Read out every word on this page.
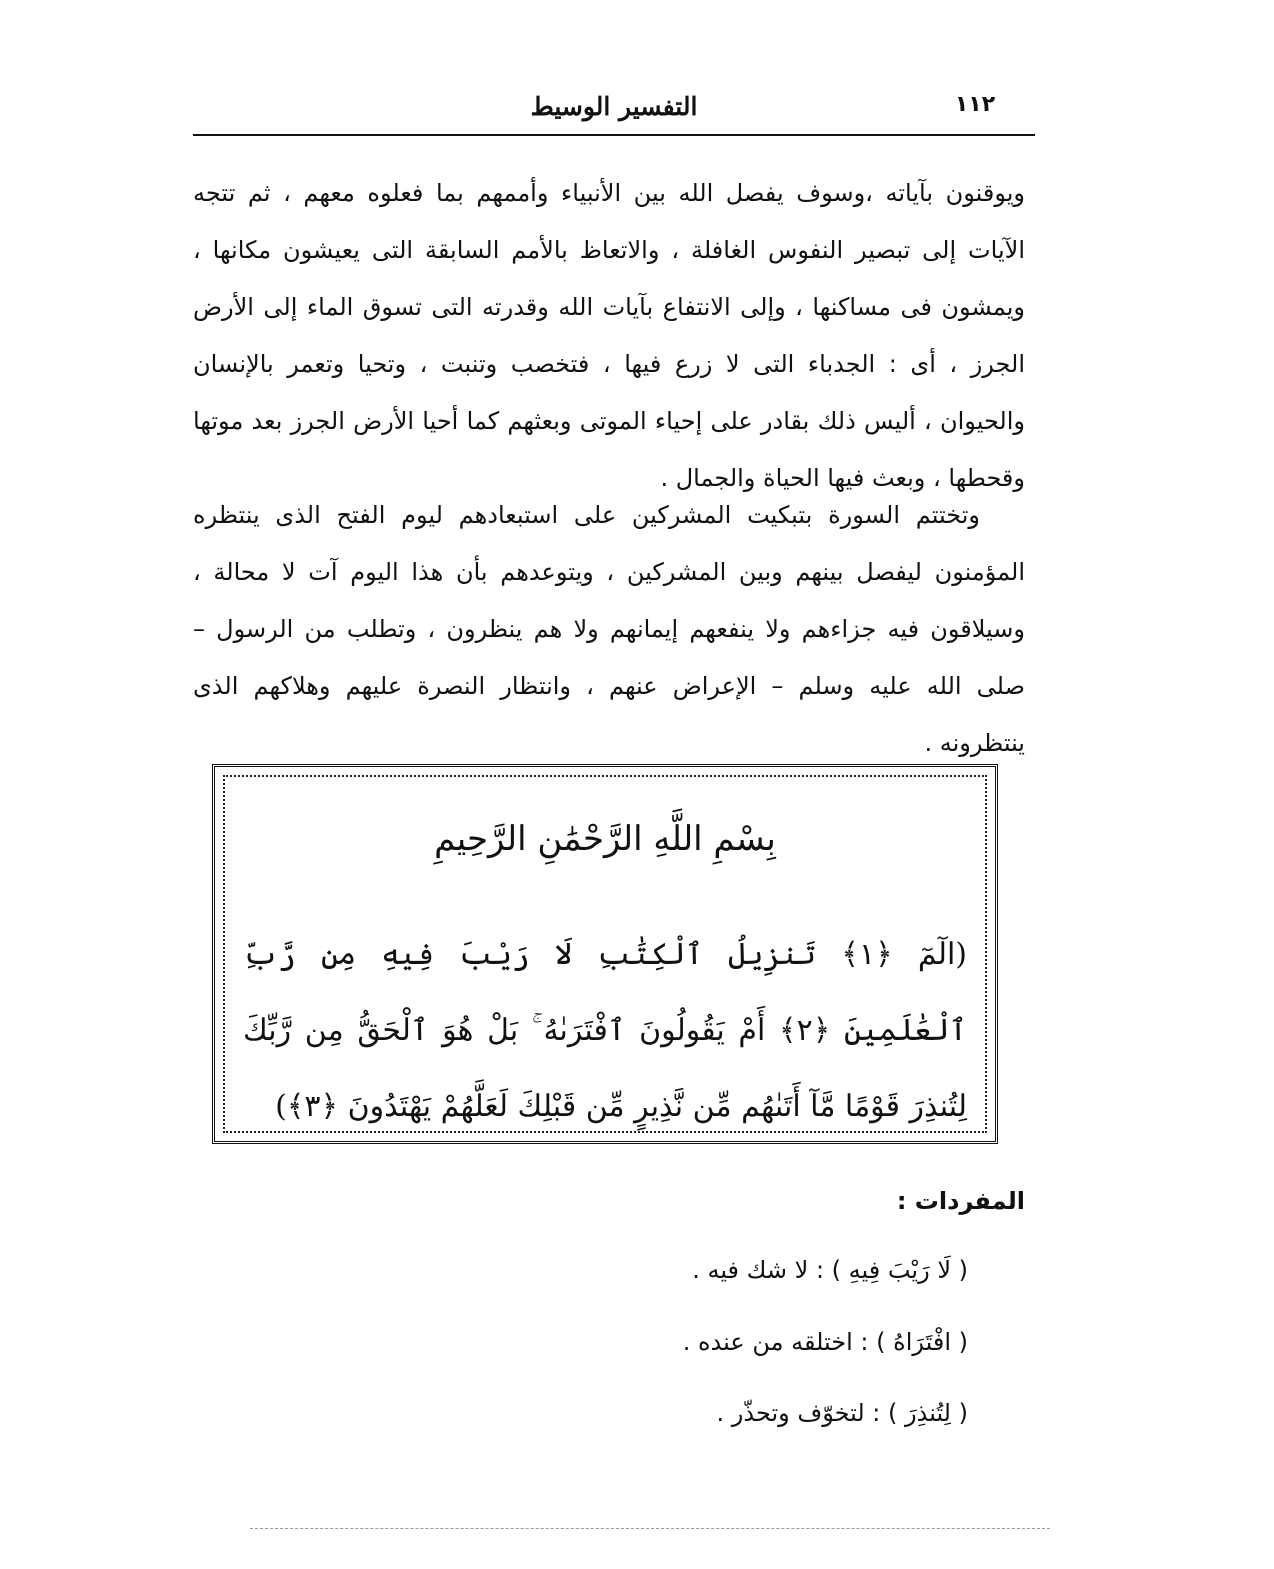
١١٢
التفسير الوسيط
ويوقنون بآياته ،وسوف يفصل الله بين الأنبياء وأممهم بما فعلوه معهم ، ثم تتجه الآيات إلى تبصير النفوس الغافلة ، والاتعاظ بالأمم السابقة التى يعيشون مكانها ، ويمشون فى مساكنها ، وإلى الانتفاع بآيات الله وقدرته التى تسوق الماء إلى الأرض الجرز ، أى : الجدباء التى لا زرع فيها ، فتخصب وتنبت ، وتحيا وتعمر بالإنسان والحيوان ، أليس ذلك بقادر على إحياء الموتى وبعثهم كما أحيا الأرض الجرز بعد موتها وقحطها ، وبعث فيها الحياة والجمال .
وتختتم السورة بتبكيت المشركين على استبعادهم ليوم الفتح الذى ينتظره المؤمنون ليفصل بينهم وبين المشركين ، ويتوعدهم بأن هذا اليوم آت لا محالة ، وسيلاقون فيه جزاءهم ولا ينفعهم إيمانهم ولا هم ينظرون ، وتطلب من الرسول – صلى الله عليه وسلم – الإعراض عنهم ، وانتظار النصرة عليهم وهلاكهم الذى ينتظرونه .
بِسْمِ اللَّهِ الرَّحْمَٰنِ الرَّحِيمِ
(الٓمٓ ﴿١﴾ تَنزِيلُ ٱلْكِتَٰبِ لَا رَيْبَ فِيهِ مِن رَّبِّ ٱلْعَٰلَمِينَ ﴿٢﴾ أَمْ يَقُولُونَ ٱفْتَرَىٰهُ ۚ بَلْ هُوَ ٱلْحَقُّ مِن رَّبِّكَ لِتُنذِرَ قَوْمًا مَّآ أَتَىٰهُم مِّن نَّذِيرٍ مِّن قَبْلِكَ لَعَلَّهُمْ يَهْتَدُونَ ﴿٣﴾)
المفردات :
( لَا رَيْبَ فِيهِ ) : لا شك فيه .
( افْتَرَاهُ ) : اختلقه من عنده .
( لِتُنذِرَ ) : لتخوّف وتحذّر .
